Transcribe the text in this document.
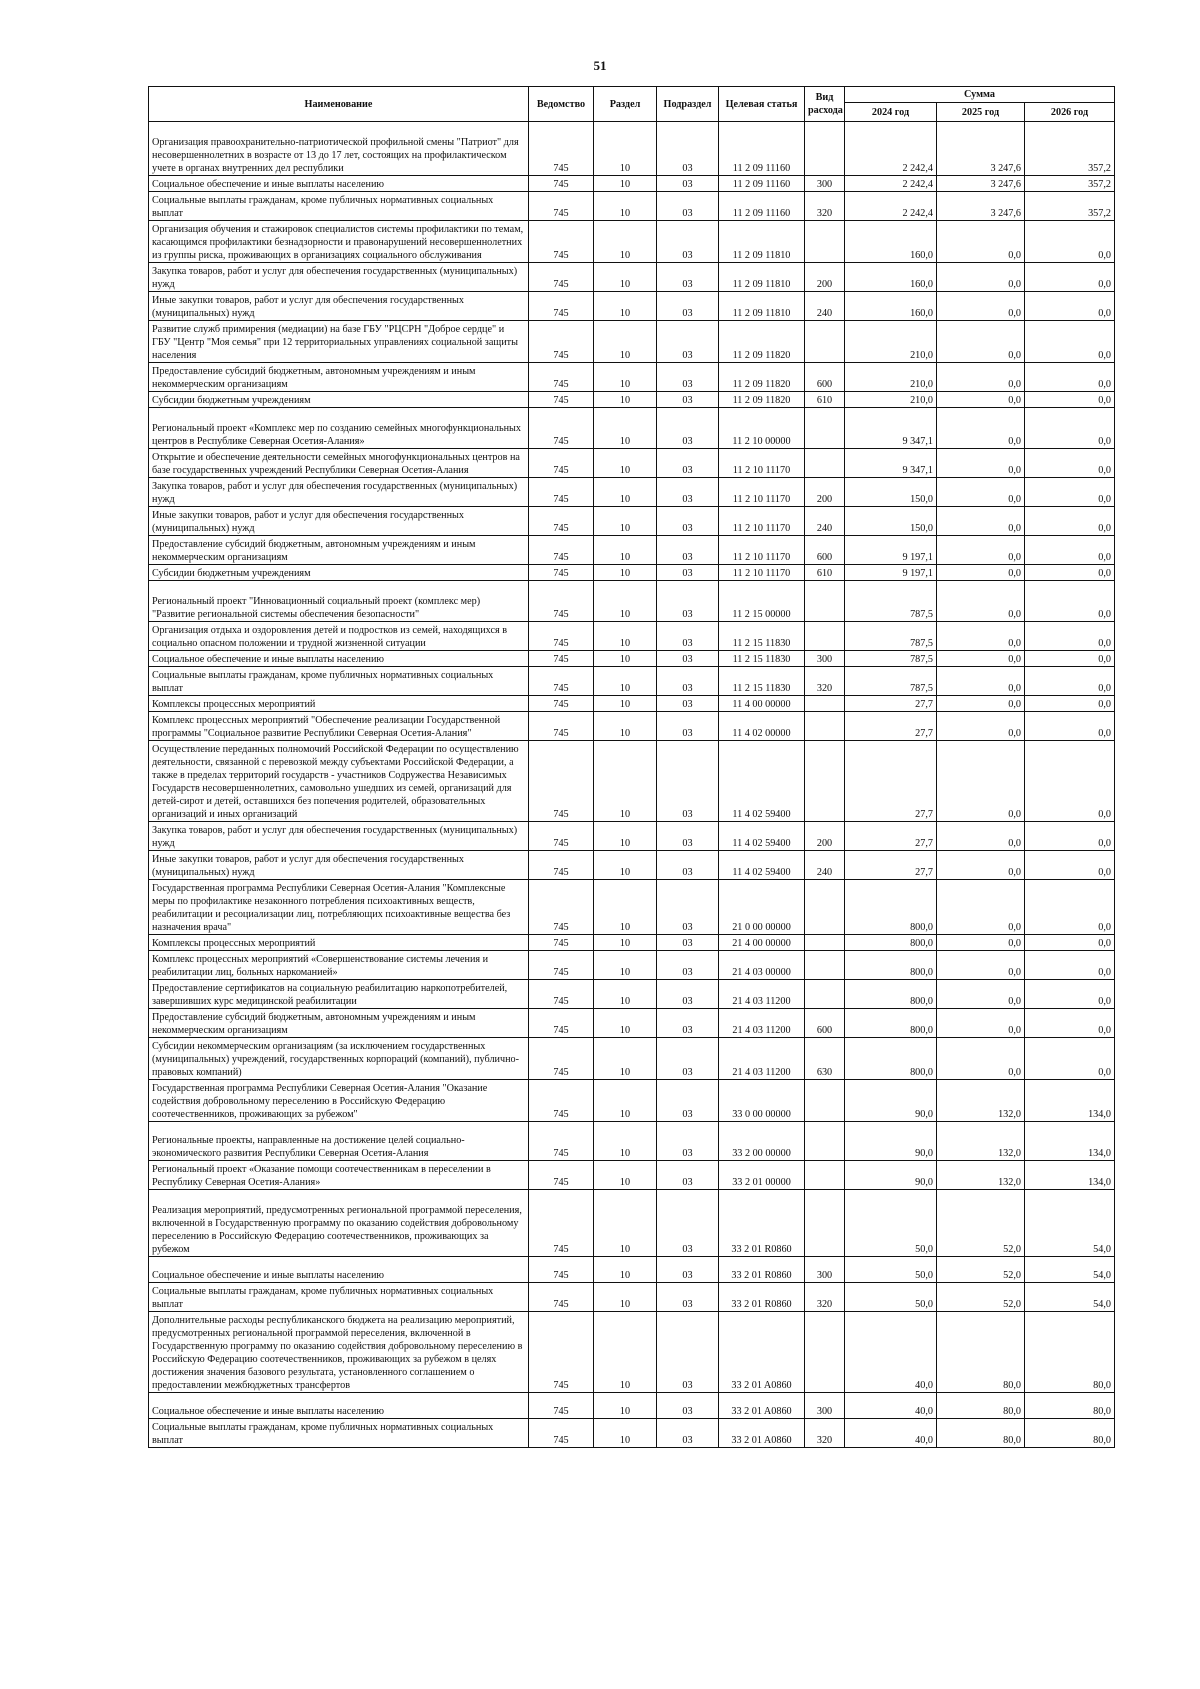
51
Наименование	Ведомство	Раздел	Подраздел	Целевая статья	Вид расхода	Сумма		
						2024 год	2025 год	2026 год
Организация правоохранительно-патриотической профильной смены "Патриот" для несовершеннолетних в возрасте от 13 до 17 лет, состоящих на профилактическом учете в органах внутренних дел республики	745	10	03	11 2 09 11160		2 242,4	3 247,6	357,2
Социальное обеспечение и иные выплаты населению	745	10	03	11 2 09 11160	300	2 242,4	3 247,6	357,2
Социальные выплаты гражданам, кроме публичных нормативных социальных выплат	745	10	03	11 2 09 11160	320	2 242,4	3 247,6	357,2
Организация обучения и стажировок специалистов системы профилактики по темам, касающимся профилактики безнадзорности и правонарушений несовершеннолетних из группы риска, проживающих в организациях социального обслуживания	745	10	03	11 2 09 11810		160,0	0,0	0,0
Закупка товаров, работ и услуг для обеспечения государственных (муниципальных) нужд	745	10	03	11 2 09 11810	200	160,0	0,0	0,0
Иные закупки товаров, работ и услуг для обеспечения государственных (муниципальных) нужд	745	10	03	11 2 09 11810	240	160,0	0,0	0,0
Развитие служб примирения (медиации) на базе ГБУ "РЦСРН "Доброе сердце" и ГБУ "Центр "Моя семья" при 12 территориальных управлениях социальной защиты населения	745	10	03	11 2 09 11820		210,0	0,0	0,0
Предоставление субсидий бюджетным, автономным учреждениям и иным некоммерческим организациям	745	10	03	11 2 09 11820	600	210,0	0,0	0,0
Субсидии бюджетным учреждениям	745	10	03	11 2 09 11820	610	210,0	0,0	0,0
Региональный проект «Комплекс мер по созданию семейных многофункциональных центров в Республике Северная Осетия-Алания»	745	10	03	11 2 10 00000		9 347,1	0,0	0,0
Открытие и обеспечение деятельности семейных многофункциональных центров на базе государственных учреждений Республики Северная Осетия-Алания	745	10	03	11 2 10 11170		9 347,1	0,0	0,0
Закупка товаров, работ и услуг для обеспечения государственных (муниципальных) нужд	745	10	03	11 2 10 11170	200	150,0	0,0	0,0
Иные закупки товаров, работ и услуг для обеспечения государственных (муниципальных) нужд	745	10	03	11 2 10 11170	240	150,0	0,0	0,0
Предоставление субсидий бюджетным, автономным учреждениям и иным некоммерческим организациям	745	10	03	11 2 10 11170	600	9 197,1	0,0	0,0
Субсидии бюджетным учреждениям	745	10	03	11 2 10 11170	610	9 197,1	0,0	0,0
Региональный проект "Инновационный социальный проект (комплекс мер) "Развитие региональной системы обеспечения безопасности"	745	10	03	11 2 15 00000		787,5	0,0	0,0
Организация отдыха и оздоровления детей и подростков из семей, находящихся в социально опасном положении и трудной жизненной ситуации	745	10	03	11 2 15 11830		787,5	0,0	0,0
Социальное обеспечение и иные выплаты населению	745	10	03	11 2 15 11830	300	787,5	0,0	0,0
Социальные выплаты гражданам, кроме публичных нормативных социальных выплат	745	10	03	11 2 15 11830	320	787,5	0,0	0,0
Комплексы процессных мероприятий	745	10	03	11 4 00 00000		27,7	0,0	0,0
Комплекс процессных мероприятий "Обеспечение реализации Государственной программы "Социальное развитие Республики Северная Осетия-Алания"	745	10	03	11 4 02 00000		27,7	0,0	0,0
Осуществление переданных полномочий Российской Федерации по осуществлению деятельности, связанной с перевозкой между субъектами Российской Федерации, а также в пределах территорий государств - участников Содружества Независимых Государств несовершеннолетних, самовольно ушедших из семей, организаций для детей-сирот и детей, оставшихся без попечения родителей, образовательных организаций и иных организаций	745	10	03	11 4 02 59400		27,7	0,0	0,0
Закупка товаров, работ и услуг для обеспечения государственных (муниципальных) нужд	745	10	03	11 4 02 59400	200	27,7	0,0	0,0
Иные закупки товаров, работ и услуг для обеспечения государственных (муниципальных) нужд	745	10	03	11 4 02 59400	240	27,7	0,0	0,0
Государственная программа Республики Северная Осетия-Алания "Комплексные меры по профилактике незаконного потребления психоактивных веществ, реабилитации и ресоциализации лиц, потребляющих психоактивные вещества без назначения врача"	745	10	03	21 0 00 00000		800,0	0,0	0,0
Комплексы процессных мероприятий	745	10	03	21 4 00 00000		800,0	0,0	0,0
Комплекс процессных мероприятий «Совершенствование системы лечения и реабилитации лиц, больных наркоманией»	745	10	03	21 4 03 00000		800,0	0,0	0,0
Предоставление сертификатов на социальную реабилитацию наркопотребителей, завершивших курс медицинской реабилитации	745	10	03	21 4 03 11200		800,0	0,0	0,0
Предоставление субсидий бюджетным, автономным учреждениям и иным некоммерческим организациям	745	10	03	21 4 03 11200	600	800,0	0,0	0,0
Субсидии некоммерческим организациям (за исключением государственных (муниципальных) учреждений, государственных корпораций (компаний), публично-правовых компаний)	745	10	03	21 4 03 11200	630	800,0	0,0	0,0
Государственная программа Республики Северная Осетия-Алания "Оказание содействия добровольному переселению в Российскую Федерацию соотечественников, проживающих за рубежом"	745	10	03	33 0 00 00000		90,0	132,0	134,0
Региональные проекты, направленные на достижение целей социально-экономического развития Республики Северная Осетия-Алания	745	10	03	33 2 00 00000		90,0	132,0	134,0
Региональный проект «Оказание помощи соотечественникам в переселении в Республику Северная Осетия-Алания»	745	10	03	33 2 01 00000		90,0	132,0	134,0
Реализация мероприятий, предусмотренных региональной программой переселения, включенной в Государственную программу по оказанию содействия добровольному переселению в Российскую Федерацию соотечественников, проживающих за рубежом	745	10	03	33 2 01 R0860		50,0	52,0	54,0
Социальное обеспечение и иные выплаты населению	745	10	03	33 2 01 R0860	300	50,0	52,0	54,0
Социальные выплаты гражданам, кроме публичных нормативных социальных выплат	745	10	03	33 2 01 R0860	320	50,0	52,0	54,0
Дополнительные расходы республиканского бюджета на реализацию мероприятий, предусмотренных региональной программой переселения, включенной в Государственную программу по оказанию содействия добровольному переселению в Российскую Федерацию соотечественников, проживающих за рубежом в целях достижения значения базового результата, установленного соглашением о предоставлении межбюджетных трансфертов	745	10	03	33 2 01 A0860		40,0	80,0	80,0
Социальное обеспечение и иные выплаты населению	745	10	03	33 2 01 A0860	300	40,0	80,0	80,0
Социальные выплаты гражданам, кроме публичных нормативных социальных выплат	745	10	03	33 2 01 A0860	320	40,0	80,0	80,0
